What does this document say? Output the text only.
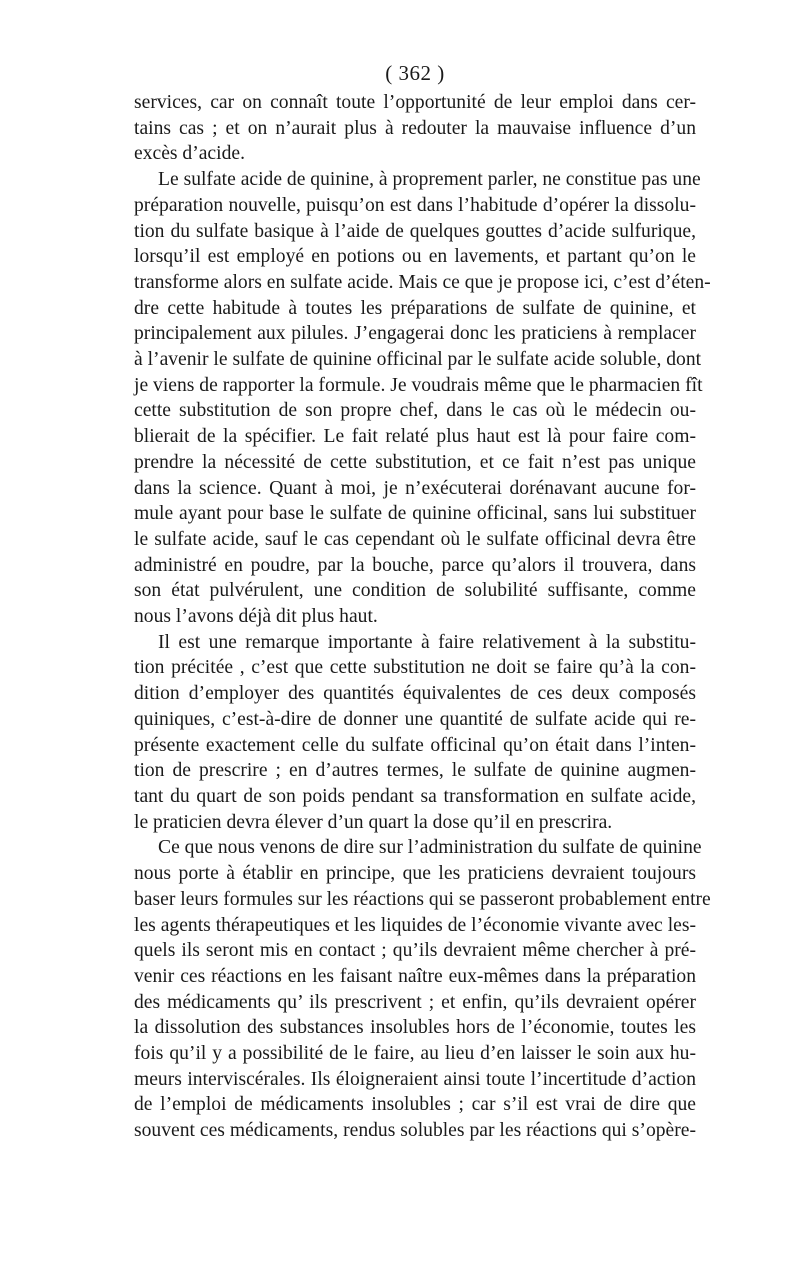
( 362 )

services, car on connaît toute l’opportunité de leur emploi dans cer-
tains cas ; et on n’aurait plus à redouter la mauvaise influence d’un
excès d’acide.

Le sulfate acide de quinine, à proprement parler, ne constitue pas une
préparation nouvelle, puisqu’on est dans l’habitude d’opérer la dissolu-
tion du sulfate basique à l’aide de quelques gouttes d’acide sulfurique,
lorsqu’il est employé en potions ou en lavements, et partant qu’on le
transforme alors en sulfate acide. Mais ce que je propose ici, c’est d’éten-
dre cette habitude à toutes les préparations de sulfate de quinine, et
principalement aux pilules. J’engagerai donc les praticiens à remplacer
à l’avenir le sulfate de quinine officinal par le sulfate acide soluble, dont
je viens de rapporter la formule. Je voudrais même que le pharmacien fît
cette substitution de son propre chef, dans le cas où le médecin ou-
blierait de la spécifier. Le fait relaté plus haut est là pour faire com-
prendre la nécessité de cette substitution, et ce fait n’est pas unique
dans la science. Quant à moi, je n’exécuterai dorénavant aucune for-
mule ayant pour base le sulfate de quinine officinal, sans lui substituer
le sulfate acide, sauf le cas cependant où le sulfate officinal devra être
administré en poudre, par la bouche, parce qu’alors il trouvera, dans
son état pulvérulent, une condition de solubilité suffisante, comme
nous l’avons déjà dit plus haut.

Il est une remarque importante à faire relativement à la substitu-
tion précitée , c’est que cette substitution ne doit se faire qu’à la con-
dition d’employer des quantités équivalentes de ces deux composés
quiniques, c’est-à-dire de donner une quantité de sulfate acide qui re-
présente exactement celle du sulfate officinal qu’on était dans l’inten-
tion de prescrire ; en d’autres termes, le sulfate de quinine augmen-
tant du quart de son poids pendant sa transformation en sulfate acide,
le praticien devra élever d’un quart la dose qu’il en prescrira.

Ce que nous venons de dire sur l’administration du sulfate de quinine
nous porte à établir en principe, que les praticiens devraient toujours
baser leurs formules sur les réactions qui se passeront probablement entre
les agents thérapeutiques et les liquides de l’économie vivante avec les-
quels ils seront mis en contact ; qu’ils devraient même chercher à pré-
venir ces réactions en les faisant naître eux-mêmes dans la préparation
des médicaments qu’ ils prescrivent ; et enfin, qu’ils devraient opérer
la dissolution des substances insolubles hors de l’économie, toutes les
fois qu’il y a possibilité de le faire, au lieu d’en laisser le soin aux hu-
meurs interviscérales. Ils éloigneraient ainsi toute l’incertitude d’action
de l’emploi de médicaments insolubles ; car s’il est vrai de dire que
souvent ces médicaments, rendus solubles par les réactions qui s’opère-
